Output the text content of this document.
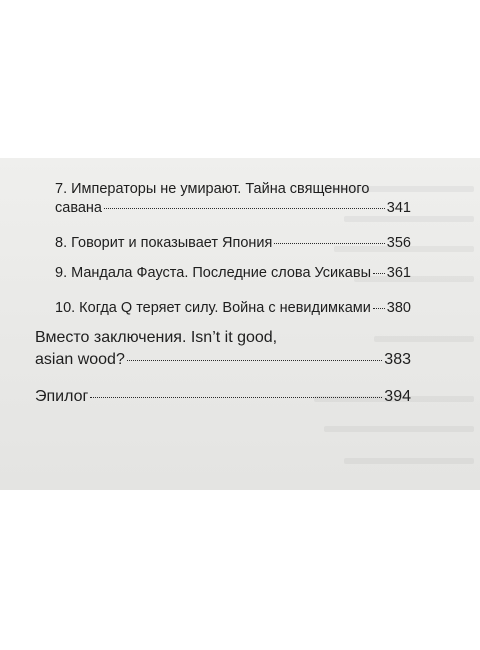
7. Императоры не умирают. Тайна священного
савана	341
8. Говорит и показывает Япония	356
9. Мандала Фауста. Последние слова Усикавы 361
10. Когда Q теряет силу. Война с невидимками 380
Вместо заключения. Isn’t it good,
asian wood?	383
Эпилог	394
